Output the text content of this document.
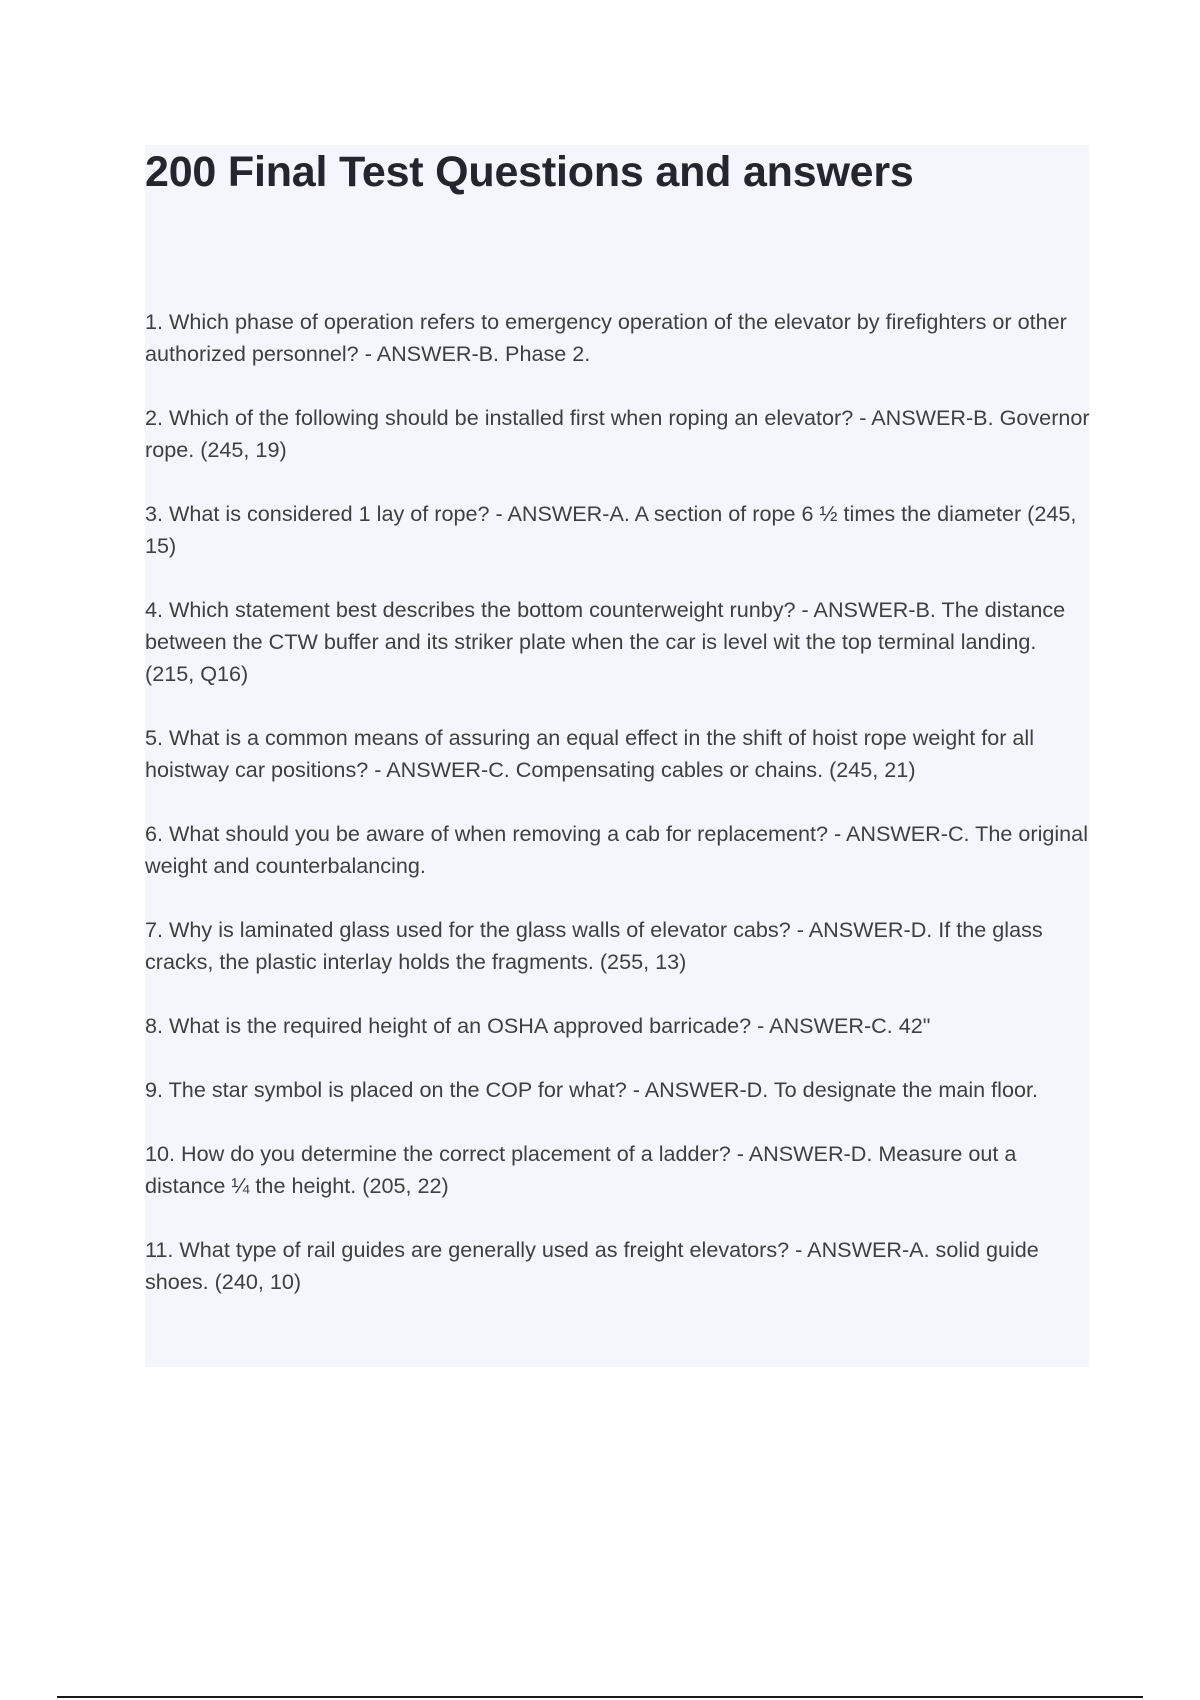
200 Final Test Questions and answers

1. Which phase of operation refers to emergency operation of the elevator by firefighters or other authorized personnel? - ANSWER-B. Phase 2.

2. Which of the following should be installed first when roping an elevator? - ANSWER-B. Governor rope. (245, 19)

3. What is considered 1 lay of rope? - ANSWER-A. A section of rope 6 ½ times the diameter (245, 15)

4. Which statement best describes the bottom counterweight runby? - ANSWER-B. The distance between the CTW buffer and its striker plate when the car is level wit the top terminal landing. (215, Q16)

5. What is a common means of assuring an equal effect in the shift of hoist rope weight for all hoistway car positions? - ANSWER-C. Compensating cables or chains. (245, 21)

6. What should you be aware of when removing a cab for replacement? - ANSWER-C. The original weight and counterbalancing.

7. Why is laminated glass used for the glass walls of elevator cabs? - ANSWER-D. If the glass cracks, the plastic interlay holds the fragments. (255, 13)

8. What is the required height of an OSHA approved barricade? - ANSWER-C. 42"

9. The star symbol is placed on the COP for what? - ANSWER-D. To designate the main floor.

10. How do you determine the correct placement of a ladder? - ANSWER-D. Measure out a distance ¼ the height. (205, 22)

11. What type of rail guides are generally used as freight elevators? - ANSWER-A. solid guide shoes. (240, 10)
